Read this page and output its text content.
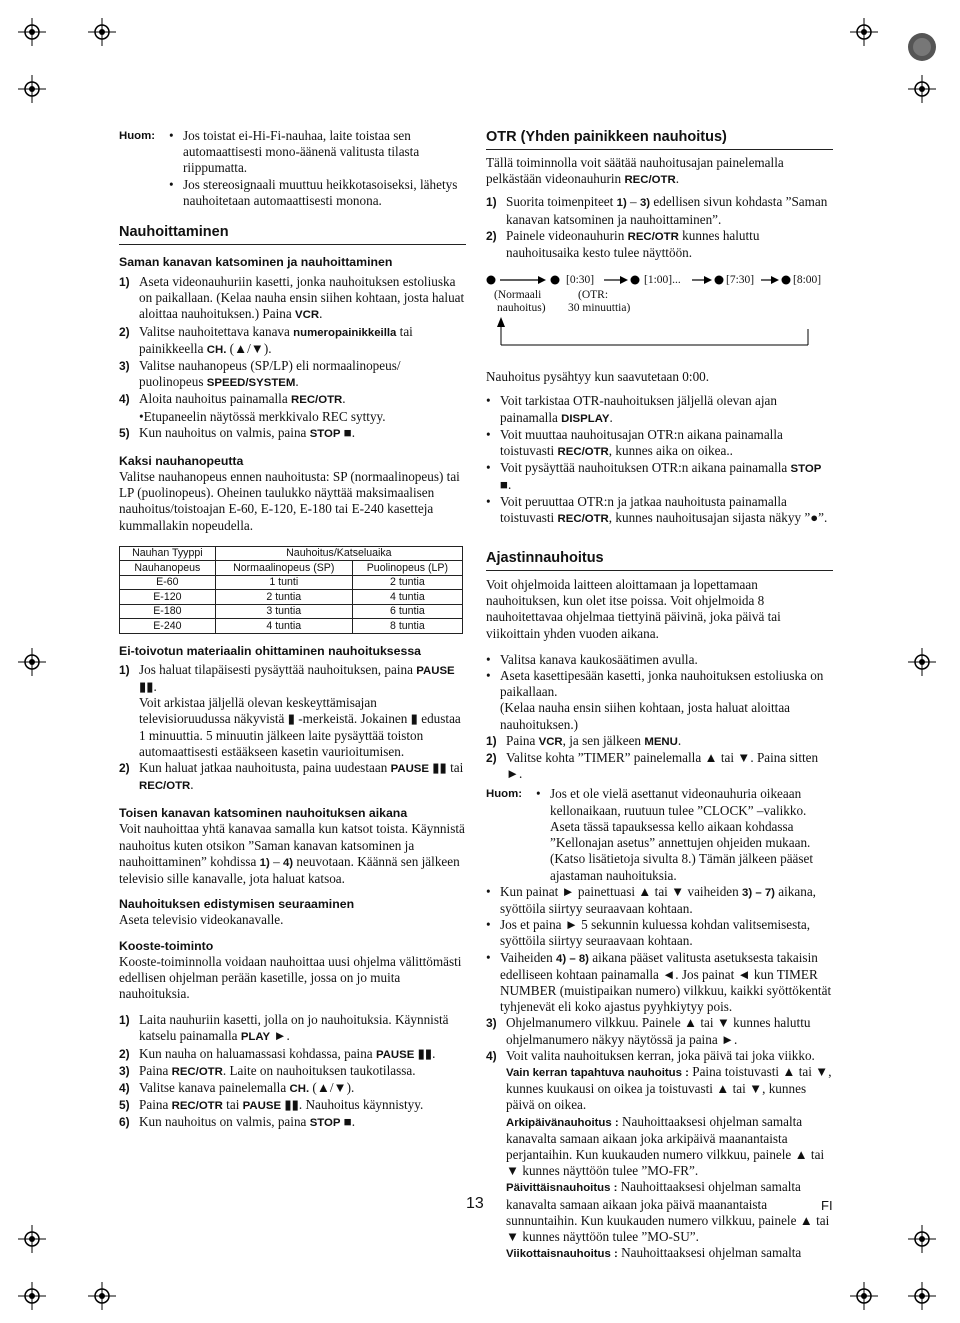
Huom:	• Jos toistat ei-Hi-Fi-nauhaa, laite toistaa sen automaattisesti mono-äänenä valitusta tilasta riippumatta.
• Jos stereosignaali muuttuu heikkotasoiseksi, lähetys nauhoitetaan automaattisesti monona.
Nauhoittaminen
Saman kanavan katsominen ja nauhoittaminen
1) Aseta videonauhuriin kasetti, jonka nauhoituksen estoliuska on paikallaan. (Kelaa nauha ensin siihen kohtaan, josta haluat aloittaa nauhoituksen.) Paina VCR.
2) Valitse nauhoitettava kanava numeropainikkeilla tai painikkeella CH. (▲/▼).
3) Valitse nauhanopeus (SP/LP) eli normaalinopeus/ puolinopeus SPEED/SYSTEM.
4) Aloita nauhoitus painamalla REC/OTR.
•Etupaneelin näytössä merkkivalo REC syttyy.
5) Kun nauhoitus on valmis, paina STOP ■.
Kaksi nauhanopeutta

Valitse nauhanopeus ennen nauhoitusta: SP (normaalinopeus) tai LP (puolinopeus). Oheinen taulukko näyttää maksimaalisen nauhoitus/toistoajan E-60, E-120, E-180 tai E-240 kasetteja kummallakin nopeudella.

Nauhan Tyyppi	Nauhoitus/Katseluaika	
Nauhanopeus	Normaalinopeus (SP)	Puolinopeus (LP)
E-60	1 tunti	2 tuntia
E-120	2 tuntia	4 tuntia
E-180	3 tuntia	6 tuntia
E-240	4 tuntia	8 tuntia
Ei-toivotun materiaalin ohittaminen nauhoituksessa
1) Jos haluat tilapäisesti pysäyttää nauhoituksen, paina PAUSE ▮▮.
Voit arkistaa jäljellä olevan keskeyttämisajan televisioruudussa näkyvistä ▮ -merkeistä. Jokainen ▮ edustaa 1 minuuttia. 5 minuutin jälkeen laite pysäyttää toiston automaattisesti estääkseen kasetin vaurioitumisen.
2) Kun haluat jatkaa nauhoitusta, paina uudestaan PAUSE ▮▮ tai REC/OTR.
Toisen kanavan katsominen nauhoituksen aikana

Voit nauhoittaa yhtä kanavaa samalla kun katsot toista. Käynnistä nauhoitus kuten otsikon ”Saman kanavan katsominen ja nauhoittaminen” kohdissa 1) – 4) neuvotaan. Käännä sen jälkeen televisio sille kanavalle, jota haluat katsoa.

Nauhoituksen edistymisen seuraaminen

Aseta televisio videokanavalle.

Kooste-toiminto

Kooste-toiminnolla voidaan nauhoittaa uusi ohjelma välittömästi edellisen ohjelman perään kasetille, jossa on jo muita nauhoituksia.

1) Laita nauhuriin kasetti, jolla on jo nauhoituksia. Käynnistä katselu painamalla PLAY ►.
2) Kun nauha on haluamassasi kohdassa, paina PAUSE ▮▮.
3) Paina REC/OTR. Laite on nauhoituksen taukotilassa.
4) Valitse kanava painelemalla CH. (▲/▼).
5) Paina REC/OTR tai PAUSE ▮▮. Nauhoitus käynnistyy.
6) Kun nauhoitus on valmis, paina STOP ■.
OTR (Yhden painikkeen nauhoitus)

Tällä toiminnolla voit säätää nauhoitusajan painelemalla pelkästään videonauhurin REC/OTR.

1) Suorita toimenpiteet 1) – 3) edellisen sivun kohdasta ”Saman kanavan katsominen ja nauhoittaminen”.
2) Painele videonauhurin REC/OTR kunnes haluttu nauhoitusaika kesto tulee näyttöön.
[0:30]	[1:00]...	[7:30]	[8:00]
(Normaali
nauhoitus)
(OTR:
30 minuuttia)

Nauhoitus pysähtyy kun saavutetaan 0:00.

• Voit tarkistaa OTR-nauhoituksen jäljellä olevan ajan painamalla DISPLAY.
• Voit muuttaa nauhoitusajan OTR:n aikana painamalla toistuvasti REC/OTR, kunnes aika on oikea..
• Voit pysäyttää nauhoituksen OTR:n aikana painamalla STOP ■.
• Voit peruuttaa OTR:n ja jatkaa nauhoitusta painamalla toistuvasti REC/OTR, kunnes nauhoitusajan sijasta näkyy ”●”.
Ajastinnauhoitus

Voit ohjelmoida laitteen aloittamaan ja lopettamaan nauhoituksen, kun olet itse poissa. Voit ohjelmoida 8 nauhoitettavaa ohjelmaa tiettyinä päivinä, joka päivä tai viikoittain yhden vuoden aikana.

• Valitsa kanava kaukosäätimen avulla.
• Aseta kasettipesään kasetti, jonka nauhoituksen estoliuska on paikallaan.
(Kelaa nauha ensin siihen kohtaan, josta haluat aloittaa nauhoituksen.)
1) Paina VCR, ja sen jälkeen MENU.
2) Valitse kohta ”TIMER” painelemalla ▲ tai ▼. Paina sitten ►.
Huom:	• Jos et ole vielä asettanut videonauhuria oikeaan kellonaikaan, ruutuun tulee ”CLOCK” –valikko. Aseta tässä tapauksessa kello aikaan kohdassa ”Kellonajan asetus” annettujen ohjeiden mukaan. (Katso lisätietoja sivulta 8.) Tämän jälkeen pääset ajastaman nauhoituksia.
• Kun painat ► painettuasi ▲ tai ▼ vaiheiden 3) – 7) aikana, syöttöila siirtyy seuraavaan kohtaan.
• Jos et paina ► 5 sekunnin kuluessa kohdan valitsemisesta, syöttöila siirtyy seuraavaan kohtaan.
• Vaiheiden 4) – 8) aikana pääset valitusta asetuksesta takaisin edelliseen kohtaan painamalla ◄. Jos painat ◄ kun TIMER NUMBER (muistipaikan numero) vilkkuu, kaikki syöttökentät tyhjenevät eli koko ajastus pyyhkiytyy pois.
3) Ohjelmanumero vilkkuu. Painele ▲ tai ▼ kunnes haluttu ohjelmanumero näkyy näytössä ja paina ►.
4) Voit valita nauhoituksen kerran, joka päivä tai joka viikko.
Vain kerran tapahtuva nauhoitus : Paina toistuvasti ▲ tai ▼, kunnes kuukausi on oikea ja toistuvasti ▲ tai ▼, kunnes päivä on oikea.
Arkipäivänauhoitus : Nauhoittaaksesi ohjelman samalta kanavalta samaan aikaan joka arkipäivä maanantaista perjantaihin. Kun kuukauden numero vilkkuu, painele ▲ tai ▼ kunnes näyttöön tulee ”MO-FR”.
Päivittäisnauhoitus : Nauhoittaaksesi ohjelman samalta kanavalta samaan aikaan joka päivä maanantaista sunnuntaihin. Kun kuukauden numero vilkkuu, painele ▲ tai ▼ kunnes näyttöön tulee ”MO-SU”.
Viikottaisnauhoitus : Nauhoittaaksesi ohjelman samalta
13	FI
